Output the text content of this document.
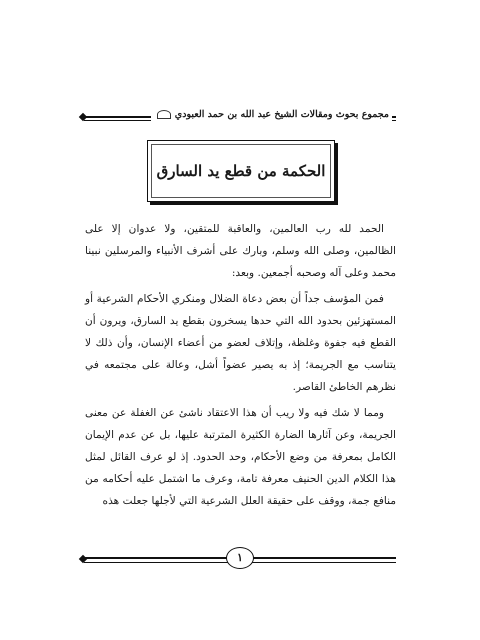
مجموع بحوث ومقالات الشيخ عبد الله بن حمد العبودي
الحكمة من قطع يد السارق

الحمد لله رب العالمين، والعاقبة للمتقين، ولا عدوان إلا على الظالمين، وصلى الله وسلم، وبارك على أشرف الأنبياء والمرسلين نبينا محمد وعلى آله وصحبه أجمعين. وبعد:

فمن المؤسف جداً أن بعض دعاة الضلال ومنكري الأحكام الشرعية أو المستهزئين بحدود الله التي حدها يسخرون بقطع يد السارق، ويرون أن القطع فيه جفوة وغلظة، وإتلاف لعضو من أعضاء الإنسان، وأن ذلك لا يتناسب مع الجريمة؛ إذ به يصير عضواً أشل، وعالة على مجتمعه في نظرهم الخاطئ القاصر.

ومما لا شك فيه ولا ريب أن هذا الاعتقاد ناشئ عن الغفلة عن معنى الجريمة، وعن آثارها الضارة الكثيرة المترتبة عليها، بل عن عدم الإيمان الكامل بمعرفة من وضع الأحكام، وحد الحدود. إذ لو عرف القائل لمثل هذا الكلام الدين الحنيف معرفة تامة، وعرف ما اشتمل عليه أحكامه من منافع جمة، ووقف على حقيقة العلل الشرعية التي لأجلها جعلت هذه

١
